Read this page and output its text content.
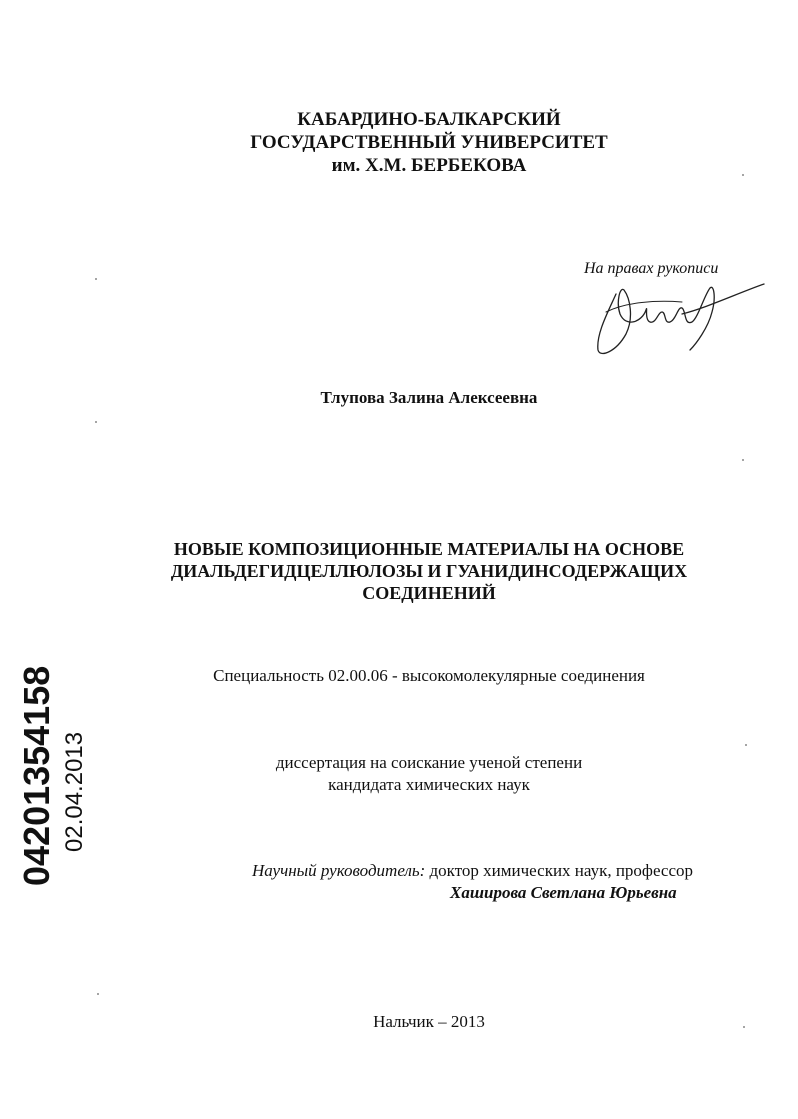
КАБАРДИНО-БАЛКАРСКИЙ
ГОСУДАРСТВЕННЫЙ УНИВЕРСИТЕТ
им. Х.М. БЕРБЕКОВА
На правах рукописи
Тлупова Залина Алексеевна
НОВЫЕ КОМПОЗИЦИОННЫЕ МАТЕРИАЛЫ НА ОСНОВЕ
ДИАЛЬДЕГИДЦЕЛЛЮЛОЗЫ И ГУАНИДИНСОДЕРЖАЩИХ
СОЕДИНЕНИЙ
Специальность 02.00.06 - высокомолекулярные соединения
диссертация на соискание ученой степени
кандидата химических наук
Научный руководитель: доктор химических наук, профессор
Хаширова Светлана Юрьевна
Нальчик – 2013
04201354158 02.04.2013
